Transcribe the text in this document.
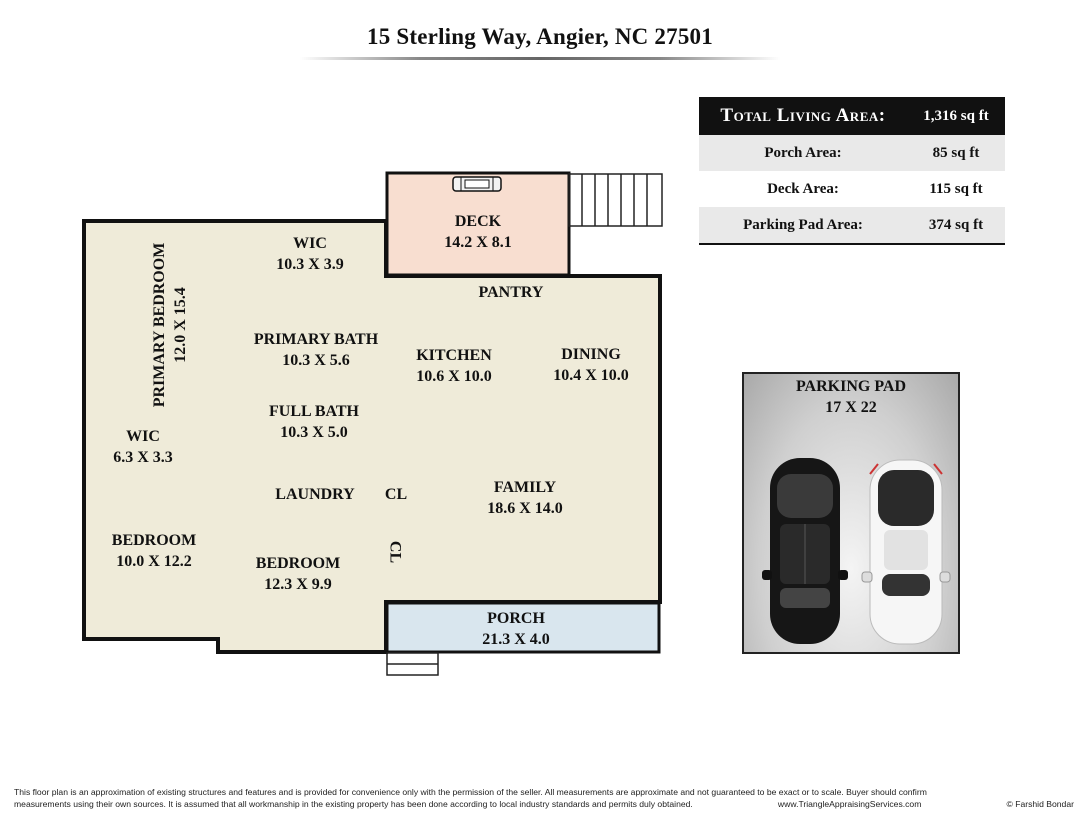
15 Sterling Way, Angier, NC 27501
Total Living Area:	1,316 sq ft
Porch Area:	85 sq ft
Deck Area:	115 sq ft
Parking Pad Area:	374 sq ft
DECK
14.2 X 8.1
WIC
10.3 X 3.9
PANTRY
PRIMARY BEDROOM 12.0 X 15.4	PRIMARY BATH
10.3 X 5.6	KITCHEN
10.6 X 10.0
DINING
10.4 X 10.0
FULL BATH
10.3 X 5.0
WIC
6.3 X 3.3
LAUNDRY CL
CL
FAMILY
18.6 X 14.0
BEDROOM
10.0 X 12.2	BEDROOM
12.3 X 9.9
PORCH
21.3 X 4.0
PARKING PAD
17 X 22
This floor plan is an approximation of existing structures and features and is provided for convenience only with the permission of the seller. All measurements are approximate and not guaranteed to be exact or to scale. Buyer should confirm
measurements using their own sources. It is assumed that all workmanship in the existing property has been done according to local industry standards and permits duly obtained.	www.TriangleAppraisingServices.com	© Farshid Bondar
